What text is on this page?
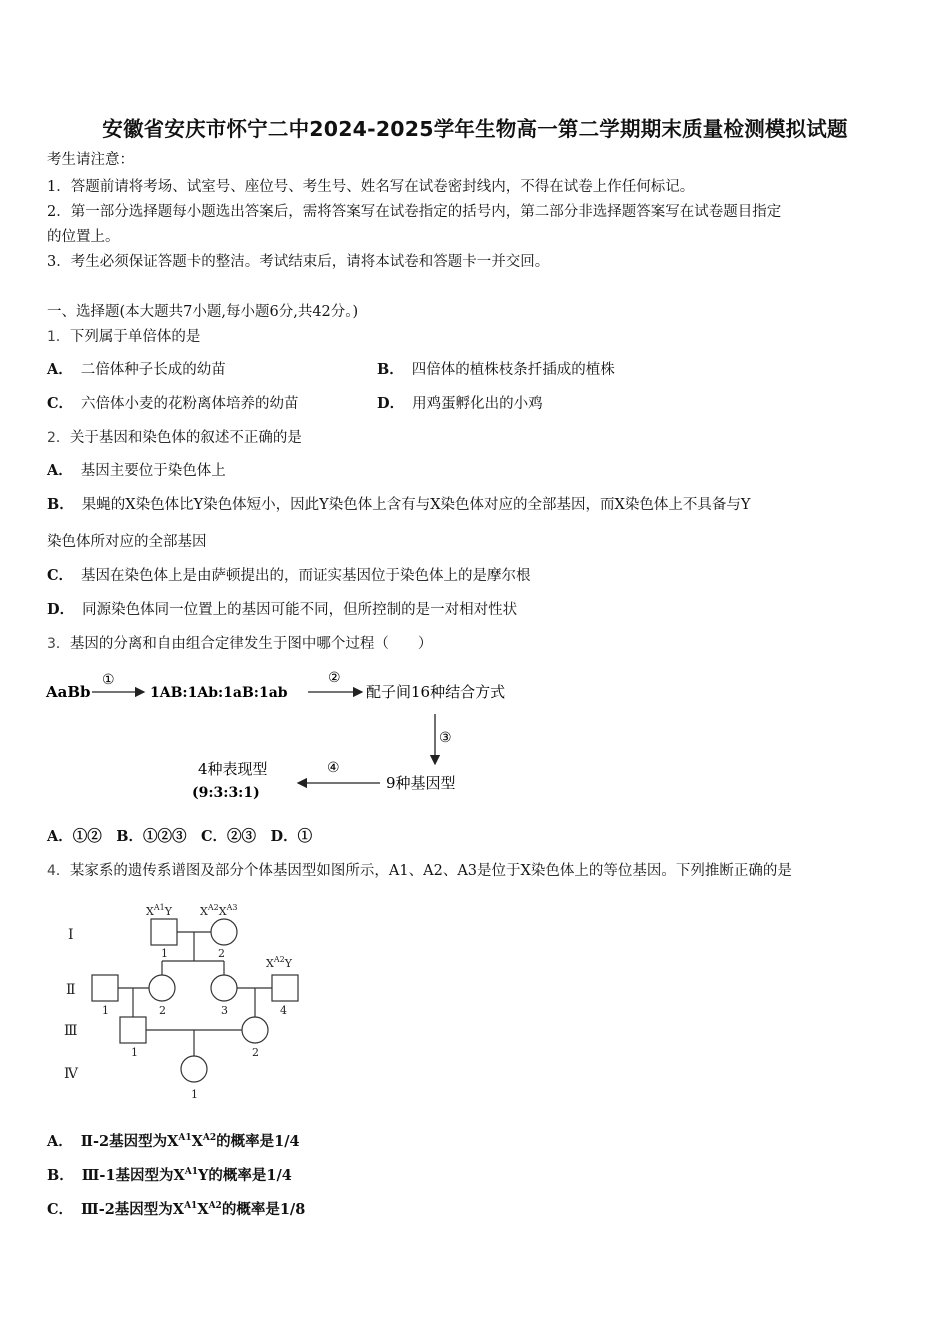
安徽省安庆市怀宁二中2024-2025学年生物高一第二学期期末质量检测模拟试题
考生请注意：
1．答题前请将考场、试室号、座位号、考生号、姓名写在试卷密封线内，不得在试卷上作任何标记。
2．第一部分选择题每小题选出答案后，需将答案写在试卷指定的括号内，第二部分非选择题答案写在试卷题目指定
的位置上。
3．考生必须保证答题卡的整洁。考试结束后，请将本试卷和答题卡一并交回。
一、选择题(本大题共7小题,每小题6分,共42分。)
1．下列属于单倍体的是
A． 二倍体种子长成的幼苗	B． 四倍体的植株枝条扦插成的植株
C． 六倍体小麦的花粉离体培养的幼苗	D． 用鸡蛋孵化出的小鸡
2．关于基因和染色体的叙述不正确的是
A． 基因主要位于染色体上
B． 果蝇的X染色体比Y染色体短小，因此Y染色体上含有与X染色体对应的全部基因，而X染色体上不具备与Y
染色体所对应的全部基因
C． 基因在染色体上是由萨顿提出的，而证实基因位于染色体上的是摩尔根
D． 同源染色体同一位置上的基因可能不同，但所控制的是一对相对性状
3．基因的分离和自由组合定律发生于图中哪个过程（　　）
AaBb
①
1AB:1Ab:1aB:1ab
②
配子间16种结合方式
③
9种基因型
④
4种表现型
(9:3:3:1)
A．①②　B．①②③　C．②③　D．①
4．某家系的遗传系谱图及部分个体基因型如图所示，A1、A2、A3是位于X染色体上的等位基因。下列推断正确的是
Ⅰ
Ⅱ
Ⅲ
Ⅳ
$X^{A1}Y$	$X^{A2}X^{A3}$
1	2
$X^{A2}Y$
1	2	3	4
1	2
1
A． Ⅱ-2基因型为$X^{A1}X^{A2}$的概率是1/4
B． Ⅲ-1基因型为$X^{A1}Y$的概率是1/4
C． Ⅲ-2基因型为$X^{A1}X^{A2}$的概率是1/8
